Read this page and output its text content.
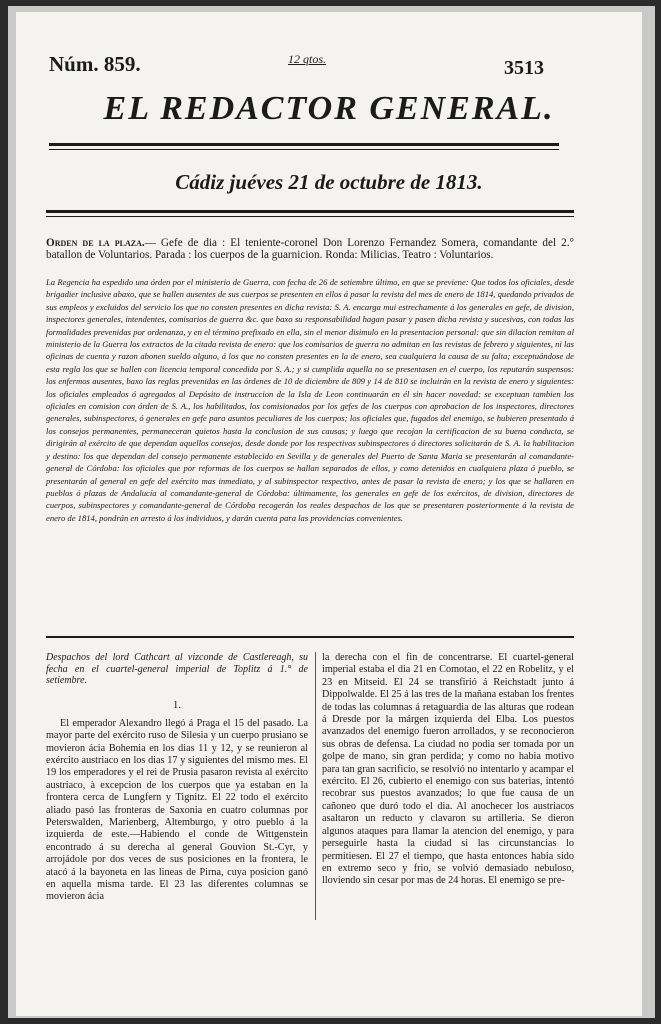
Núm. 859.	12 qtos.	3513
EL REDACTOR GENERAL.
Cádiz juéves 21 de octubre de 1813.
Orden de la plaza.— Gefe de dia : El teniente-coronel Don Lorenzo Fernandez Somera, comandante del 2.° batallon de Voluntarios. Parada : los cuerpos de la guarnicion. Ronda: Milicias. Teatro : Voluntarios.
La Regencia ha espedido una órden por el ministerio de Guerra, con fecha de 26 de setiembre último, en que se previene: Que todos los oficiales, desde brigadier inclusive abaxo, que se hallen ausentes de sus cuerpos se presenten en ellos á pasar la revista del mes de enero de 1814, quedando privados de sus empleos y excluidos del servicio los que no consten presentes en dicha revista: S. A. encarga mui estrechamente á los generales en gefe, de division, inspectores generales, intendentes, comisarios de guerra &c. que baxo su responsabilidad hagan pasar y pasen dicha revista y sucesivas, con todas las formalidades prevenidas por ordenanza, y en el término prefixado en ella, sin el menor disimulo en la presentacion personal: que sin dilacion remitan al ministerio de la Guerra los extractos de la citada revista de enero: que los comisarios de guerra no admitan en las revistas de febrero y siguientes, ni las oficinas de cuenta y razon abonen sueldo alguno, á los que no consten presentes en la de enero, sea cualquiera la causa de su falta; exceptuándose de esta regla los que se hallen con licencia temporal concedida por S. A.; y si cumplida aquella no se presentasen en el cuerpo, los reputarán suspensos: los enfermos ausentes, baxo las reglas prevenidas en las órdenes de 10 de diciembre de 809 y 14 de 810 se incluirán en la revista de enero y siguientes: los oficiales empleados ó agregados al Depósito de instruccion de la Isla de Leon continuarán en él sin hacer novedad: se exceptuan tambien los oficiales en comision con órden de S. A., los habilitados, los comisionados por los gefes de los cuerpos con aprobacion de los inspectores, directores generales, subinspectores, ó generales en gefe para asuntos peculiares de los cuerpos; los oficiales que, fugados del enemigo, se hubieren presentado á los consejos permanentes, permaneceran quietos hasta la conclusion de sus causas; y luego que recojan la certificacion de su buena conducta, se dirigirán al exército de que dependan aquellos consejos, desde donde por los respectivos subinspectores ó directores solicitarán de S. A. la habilitacion y destino: los que dependan del consejo permanente establecido en Sevilla y de generales del Puerto de Santa Maria se presentarán al comandante-general de Córdoba: los oficiales que por reformas de los cuerpos se hallan separados de ellos, y como detenidos en cualquiera plaza ó pueblo, se presentarán al general en gefe del exército mas inmediato, y al subinspector respectivo, antes de pasar la revista de enero; y los que se hallaren en pueblos ó plazas de Andalucía al comandante-general de Córdoba: últimamente, los generales en gefe de los exércitos, de division, directores de cuerpos, subinspectores y comandante-general de Córdoba recogerán los reales despachos de los que se presentaren posteriormente á la revista de enero de 1814, pondrán en arresto á los individuos, y darán cuenta para las providencias convenientes.
Despachos del lord Cathcart al vizconde de Castlereagh, su fecha en el cuartel-general imperial de Toplitz á 1.° de setiembre.
1.
El emperador Alexandro llegó á Praga el 15 del pasado. La mayor parte del exército ruso de Silesia y un cuerpo prusiano se movieron ácia Bohemia en los dias 11 y 12, y se reunieron al exército austriaco en los dias 17 y siguientes del mismo mes. El 19 los emperadores y el rei de Prusia pasaron revista al exército austriaco, à excepcion de los cuerpos que ya estaban en la frontera cerca de Lungfern y Tignitz. El 22 todo el exército aliado pasó las fronteras de Saxonia en cuatro columnas por Peterswalden, Marienberg, Altemburgo, y otro pueblo á la izquierda de este.—Habiendo el conde de Wittgenstein encontrado á su derecha al general Gouvion St.-Cyr, y arrojádole por dos veces de sus posiciones en la frontera, le atacó á la bayoneta en las lineas de Pirna, cuya posicion ganó en aquella misma tarde. El 23 las diferentes columnas se movieron ácia
la derecha con el fin de concentrarse. El cuartel-general imperial estaba el dia 21 en Comotao, el 22 en Robelitz, y el 23 en Mitseid. El 24 se transfirió á Reichstadt junto á Dippolwalde. El 25 á las tres de la mañana estaban los frentes de todas las columnas á retaguardia de las alturas que rodean á Dresde por la márgen izquierda del Elba. Los puestos avanzados del enemigo fueron arrollados, y se reconocieron sus obras de defensa. La ciudad no podia ser tomada por un golpe de mano, sin gran perdida; y como no habia motivo para tan gran sacrificio, se resolvió no intentarlo y acampar el exército. El 26, cubierto el enemigo con sus baterias, intentó recobrar sus puestos avanzados; lo que fue causa de un cañoneo que duró todo el dia. Al anochecer los austriacos asaltaron un reducto y clavaron su artilleria. Se dieron algunos ataques para llamar la atencion del enemigo, y para perseguirle hasta la ciudad si las circunstancias lo permitiesen. El 27 el tiempo, que hasta entonces habia sido en extremo seco y frio, se volvió demasiado nebuloso, lloviendo sin cesar por mas de 24 horas. El enemigo se pre-
